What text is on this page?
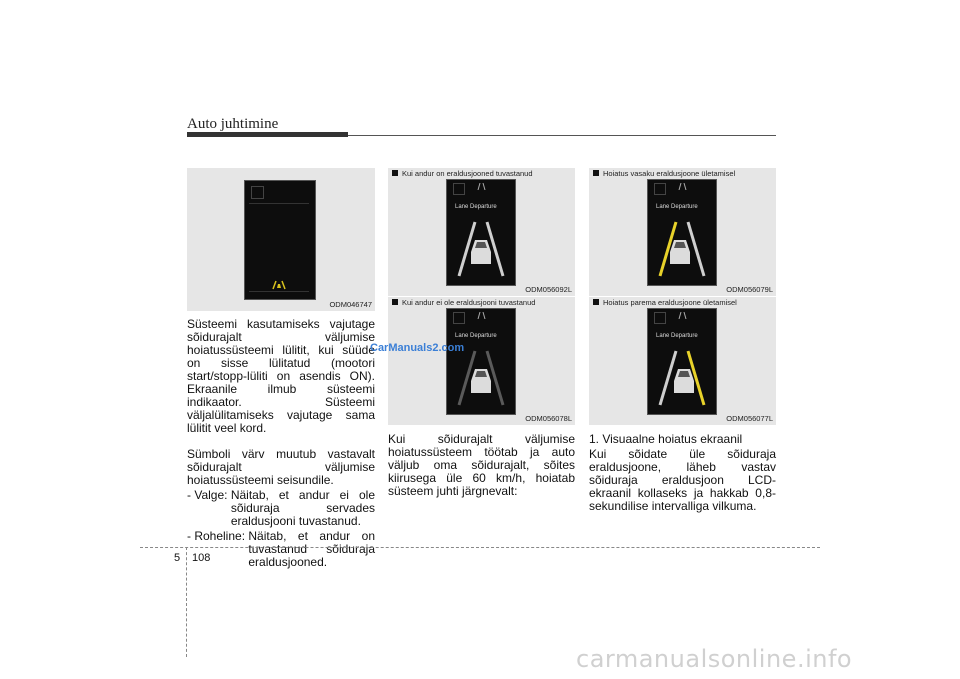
Auto juhtimine
ODM046747
Kui andur on eraldusjooned tuvastanud
Lane Departure
ODM056092L
Kui andur ei ole eraldusjooni tuvastanud
Lane Departure
ODM056078L
Hoiatus vasaku eraldusjoone ületamisel
Lane Departure
ODM056079L
Hoiatus parema eraldusjoone ületamisel
Lane Departure
ODM056077L

Süsteemi kasutamiseks vajutage sõidurajalt väljumise hoiatussüsteemi lülitit, kui süüde on sisse lülitatud (mootori start/stopp-lüliti on asendis ON). Ekraanile ilmub süsteemi indikaator. Süsteemi väljalülitamiseks vajutage sama lülitit veel kord.

Sümboli värv muutub vastavalt sõidurajalt väljumise hoiatussüsteemi seisundile.

- Valge: Näitab, et andur ei ole sõiduraja servades eraldusjooni tuvastanud.
- Roheline: Näitab, et andur on tuvastanud sõiduraja eraldusjooned.

Kui sõidurajalt väljumise hoiatussüsteem töötab ja auto väljub oma sõidurajalt, sõites kiirusega üle 60 km/h, hoiatab süsteem juhti järgnevalt:

1. Visuaalne hoiatus ekraanil

Kui sõidate üle sõiduraja eraldusjoone, läheb vastav sõiduraja eraldusjoon LCD-ekraanil kollaseks ja hakkab 0,8-sekundilise intervalliga vilkuma.

CarManuals2.com
5 108
carmanualsonline.info
